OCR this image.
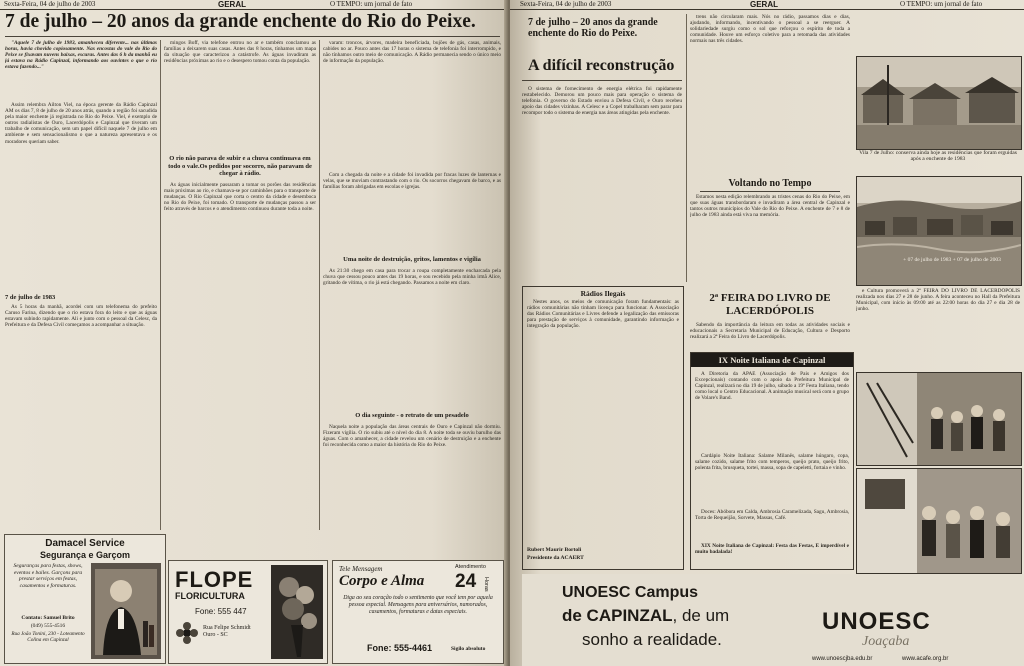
Sexta-Feira, 04 de julho de 2003	GERAL	O TEMPO: um jornal de fato
7 de julho – 20 anos da grande enchente do Rio do Peixe.

"Aquele 7 de julho de 1983, amanheceu diferente... nas últimas horas, havia chovido copiosamente. Nas encostas do vale do Rio do Peixe se fixavam nuvens baixas, escuras. Antes das 6 h da manhã eu já estava na Rádio Capinzal, informando aos ouvintes o que o rio estava fazendo..."

Assim relembra Ailton Viel, na época gerente da Rádio Capinzal AM os dias 7, 8 de julho de 20 anos atrás, quando a região foi sacudida pela maior enchente já registrada no Rio do Peixe. Viel, é exemplo de outros radialistas de Ouro, Lacerdópolis e Capinzal que tiveram um trabalho de comunicação, sem um papel difícil naquele 7 de julho em ambiente e sem sensacionalismo o que a natureza apresentava e os moradores queriam saber.

7 de julho de 1983

Às 5 horas da manhã, acordei com um telefonema do prefeito Caruso Farina, dizendo que o rio estava fora do leito e que as águas estavam subindo rapidamente. Ali e junto com o pessoal da Celesc, da Prefeitura e da Defesa Civil começamos a acompanhar a situação.

mingos Boff, via telefone entrou no ar e também conclamou as famílias a deixarem suas casas. Antes das 8 horas, tínhamos um mapa da situação que caracterizou a catástrofe. As águas invadiram as residências próximas ao rio e o desespero tomou conta da população.

O rio não parava de subir e a chuva continuava em todo o vale.Os pedidos por socorro, não paravam de chegar à rádio.

As águas inicialmente passaram a tomar os porões das residências mais próximas ao rio, e chamava-se por caminhões para o transporte de mudanças. O Rio Capinzal que corta o centro da cidade e desemboca no Rio do Peixe, foi tomado. O transporte de mudanças passou a ser feito através de barcos e o atendimento continuou durante toda a noite.

varam: troncos, árvores, madeira beneficiada, bujões de gás, casas, animais, cabides no ar. Pouco antes das 17 horas o sistema de telefonia foi interrompido, e não tínhamos outro meio de comunicação. A Rádio permanecia sendo o único meio de informação da população.

Com a chegada da noite e a cidade foi invadida por fracas luzes de lanternas e velas, que se moviam contrastando com o rio. Os socorros chegavam de barco, e as famílias foram abrigadas em escolas e igrejas.

Uma noite de destruição, gritos, lamentos e vigília

As 21:30 chego em casa para trocar a roupa completamente encharcada pela chuva que cessou pouco antes das 19 horas, e sou recebido pela minha irmã Alice, gritando de vítima, o rio já está chegando. Passamos a noite em claro.

O dia seguinte - o retrato de um pesadelo

Naquela noite a população das áreas centrais de Ouro e Capinzal não dormiu. Fizeram vigília. O rio subiu até o nível do dia 8. A noite toda se ouviu barulho das águas. Com o amanhecer, a cidade revelou um cenário de destruição e a enchente foi reconhecida como a maior da história do Rio do Peixe.

Damacel Service
Segurança e Garçom
Seguranças para festas, shows, eventos e bailes. Garçons para prestar serviços em festas, casamentos e formaturas.
Contato: Samuel Brito
(049) 555-4516
Rua João Tonini, 230 - Loteamento Colina em Capinzal
FLOPE
FLORICULTURA
Fone: 555 447
Rua Felipe Schmidt Ouro - SC
Tele Mensagem
Corpo e Alma
Atendimento
24 Horas
Diga ao seu coração todo o sentimento que você tem por aquela pessoa especial. Mensagens para aniversários, namorados, casamentos, formaturas e datas especiais.
Fone: 555-4461	Sigilo absoluto
Sexta-Feira, 04 de julho de 2003	GERAL	O TEMPO: um jornal de fato
7 de julho – 20 anos da grande enchente do Rio do Peixe.
A difícil reconstrução

O sistema de fornecimento de energia elétrica foi rapidamente restabelecido. Demorou um pouco mais para operação o sistema de telefonia. O governo do Estado enviou a Defesa Civil, e Ouro recebeu apoio das cidades vizinhas. A Celesc e a Copel trabalharam sem parar para recompor todo o sistema de energia nas áreas atingidas pela enchente.

trens não circularam mais. Nós no rádio, passamos dias e dias, ajudando, informando, incentivando o pessoal a se reerguer. A solidariedade surgiu como o sol que reforçou o espírito de toda a comunidade. Houve um esforço coletivo para a retomada das atividades normais nas três cidades.

Voltando no Tempo

Estamos nesta edição relembrando as tristes cenas do Rio do Peixe, em que suas águas transbordaram e invadiram a área central de Capinzal e tantos outros municípios do Vale do Rio do Peixe. A enchente de 7 e 8 de julho de 1983 ainda está viva na memória.

Rádios Ilegais

Nestes anos, os meios de comunicação foram fundamentais: as rádios comunitárias não tinham licença para funcionar. A Associação das Rádios Comunitárias e Livres defende a legalização das emissoras para prestação de serviços à comunidade, garantindo informação e integração da população.

Rubert Maurir Bortoli
Presidente da ACAERT
2ª FEIRA DO LIVRO DE LACERDÓPOLIS

Sabendo da importância da leitura em todas as atividades sociais e educacionais a Secretaria Municipal de Educação, Cultura e Desporto realizará a 2ª Feira do Livro de Lacerdópolis.

IX Noite Italiana de Capinzal

A Diretoria da APAE (Associação de Pais e Amigos dos Excepcionais) contando com o apoio da Prefeitura Municipal de Capinzal, realizará no dia 19 de julho, sábado a 19ª Festa Italiana, tendo como local o Centro Educacional. A animação musical será com o grupo de Volare's Band.

Cardápio Noite Italiana: Salame Milanês, salame húngaro, copa, salame cozido, salame frito com temperos, queijo prato, queijo frito, polenta frita, brusqueta, tortei, massa, sopa de capeletti, fortaia e vinho.

Doces: Abóbora em Calda, Ambrosia Caramelizada, Sagu, Ambrosia, Torta de Requeijão, Sorvete, Massas, Café.

XIX Noite Italiana de Capinzal: Festa das Festas, É imperdível e muito badalada!

Vila 7 de Julho: conserva ainda hoje as residências que foram erguidas após a enchente de 1983
+ 07 de julho de 1983 + 07 de julho de 2003

e Cultura promoverá a 2ª FEIRA DO LIVRO DE LACERDÓPOLIS realizada nos dias 27 e 28 de junho. A feira aconteceu no Hall da Prefeitura Municipal, com início às 09:00 até as 22:00 horas do dia 27 e dia 28 de junho.

UNOESC Campus
de CAPINZAL, de um
sonho a realidade.
UNOESC
Joaçaba
www.unoescjba.edu.br	www.acafe.org.br
